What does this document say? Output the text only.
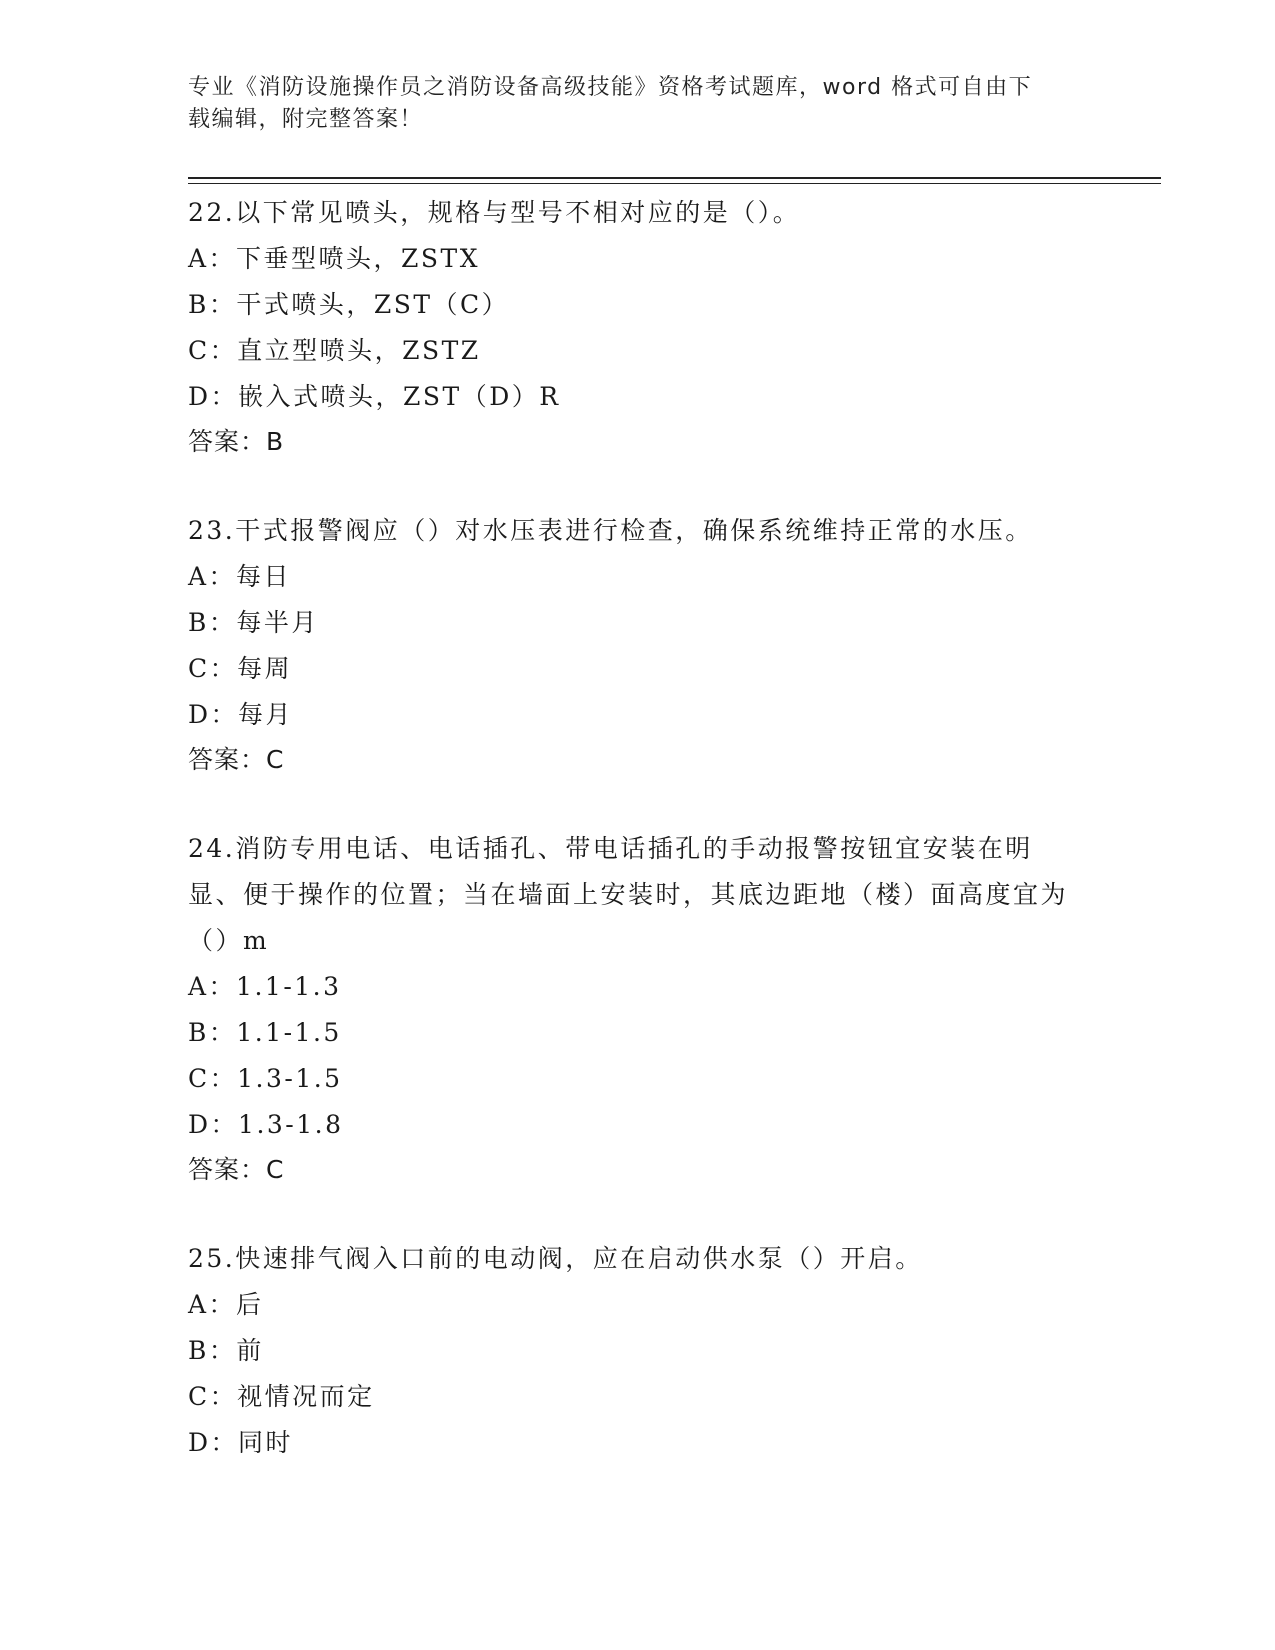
专业《消防设施操作员之消防设备高级技能》资格考试题库，word 格式可自由下
载编辑，附完整答案！

22.以下常见喷头，规格与型号不相对应的是（）。

A：下垂型喷头，ZSTX

B：干式喷头，ZST（C）

C：直立型喷头，ZSTZ

D：嵌入式喷头，ZST（D）R

答案：B

23.干式报警阀应（）对水压表进行检查，确保系统维持正常的水压。

A：每日

B：每半月

C：每周

D：每月

答案：C

24.消防专用电话、电话插孔、带电话插孔的手动报警按钮宜安装在明显、便于操作的位置；当在墙面上安装时，其底边距地（楼）面高度宜为（）m

A：1.1-1.3

B：1.1-1.5

C：1.3-1.5

D：1.3-1.8

答案：C

25.快速排气阀入口前的电动阀，应在启动供水泵（）开启。

A：后

B：前

C：视情况而定

D：同时
